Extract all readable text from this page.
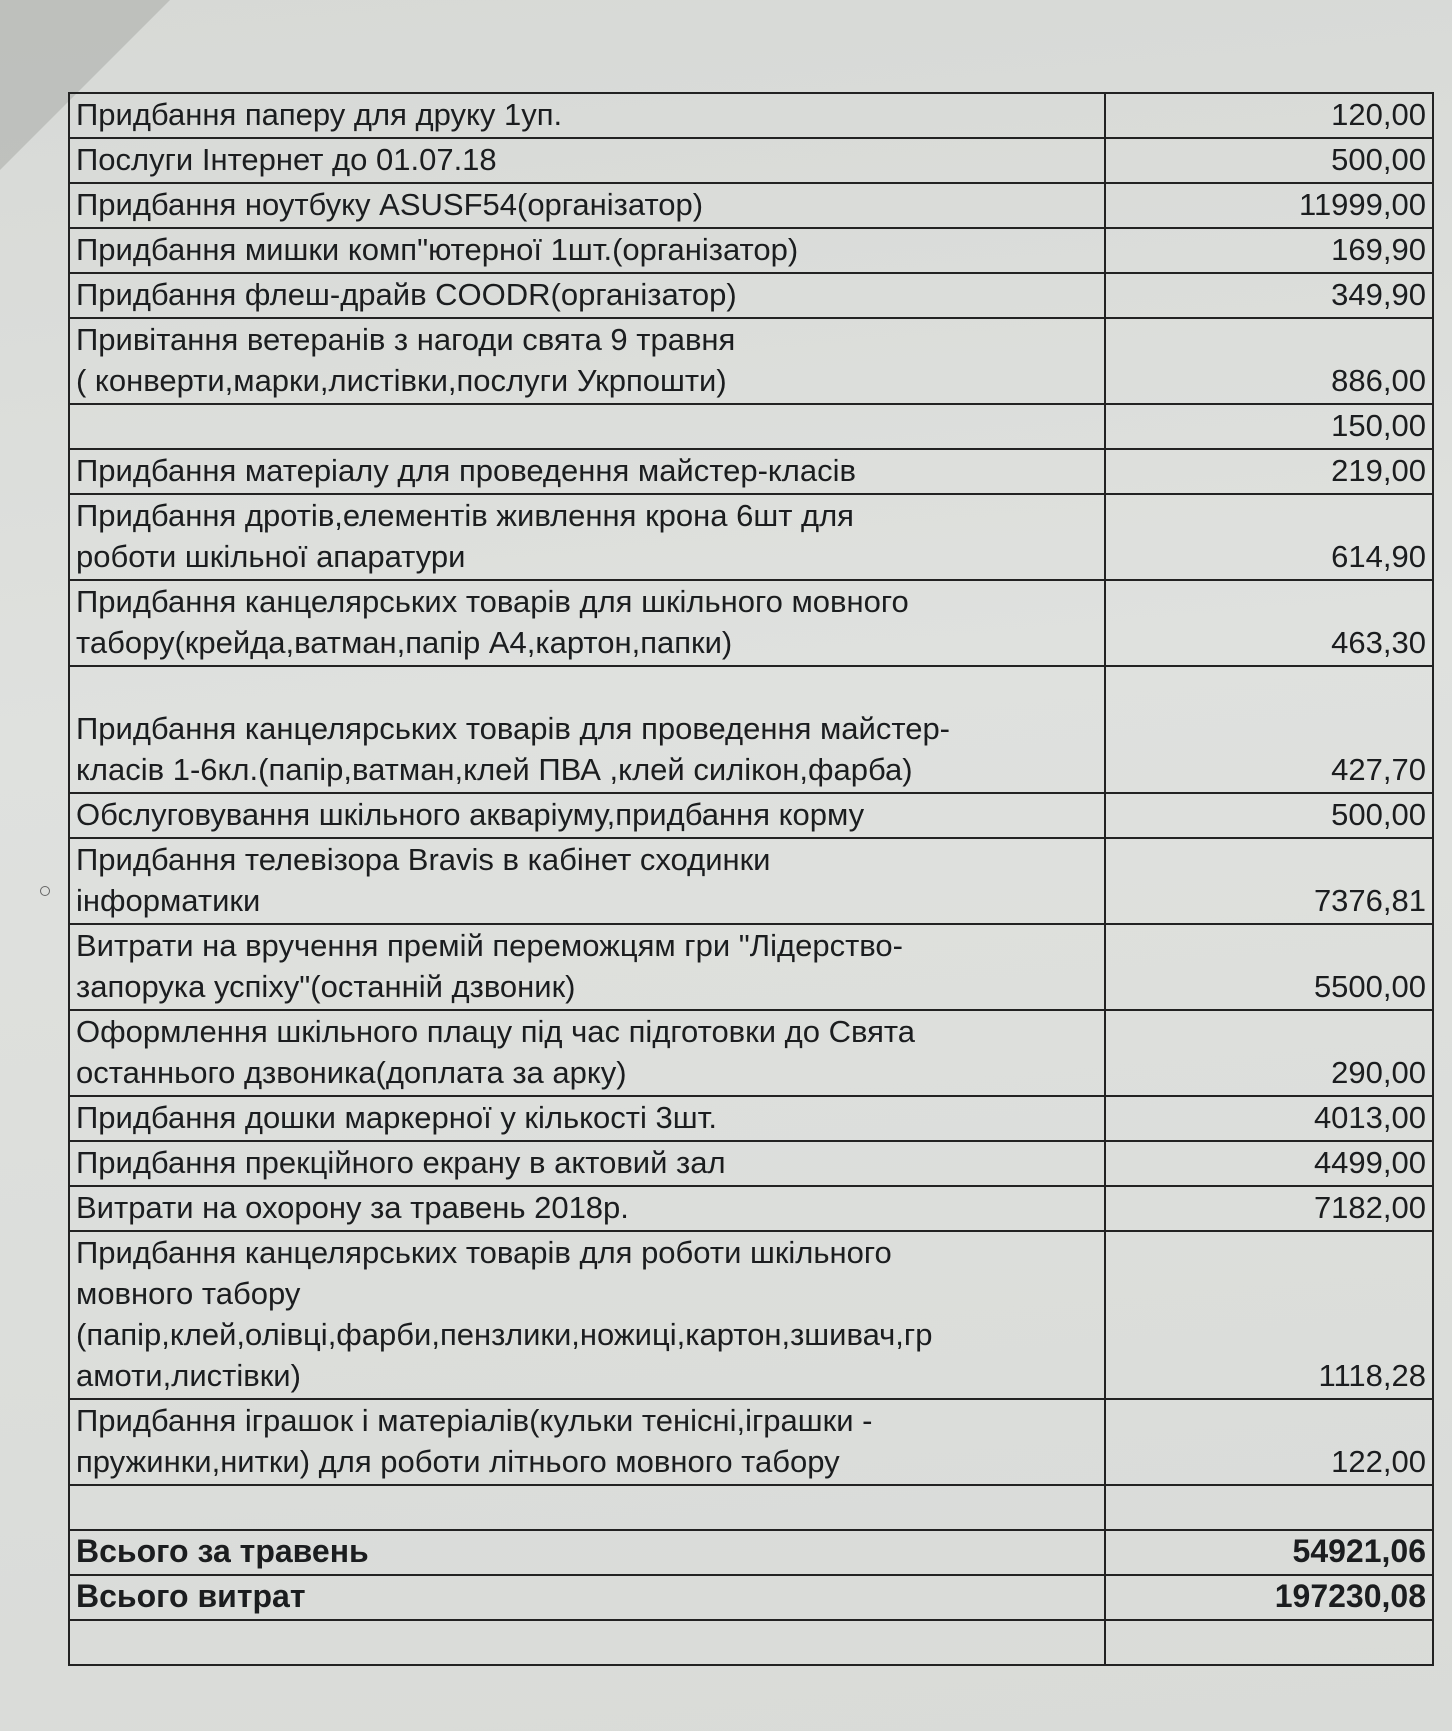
Придбання паперу для друку 1уп.	120,00
Послуги Інтернет до 01.07.18	500,00
Придбання ноутбуку ASUSF54(організатор)	11999,00
Придбання мишки комп"ютерної 1шт.(організатор)	169,90
Придбання флеш-драйв COODR(організатор)	349,90
Привітання ветеранів з нагоди свята 9 травня
( конверти,марки,листівки,послуги Укрпошти)	886,00
	150,00
Придбання матеріалу для проведення майстер-класів	219,00
Придбання дротів,елементів живлення крона 6шт для
роботи шкільної апаратури	614,90
Придбання канцелярських товарів для шкільного мовного
табору(крейда,ватман,папір А4,картон,папки)	463,30

Придбання канцелярських товарів для проведення майстер-
класів 1-6кл.(папір,ватман,клей ПВА ,клей силікон,фарба)	427,70
Обслуговування шкільного акваріуму,придбання корму	500,00
Придбання телевізора Bravis в кабінет сходинки
інформатики	7376,81
Витрати на вручення премій переможцям гри "Лідерство-
запорука успіху"(останній дзвоник)	5500,00
Оформлення шкільного плацу під час підготовки до Свята
останнього дзвоника(доплата за арку)	290,00
Придбання дошки маркерної у кількості 3шт.	4013,00
Придбання прекційного екрану в актовий зал	4499,00
Витрати на охорону за травень 2018р.	7182,00
Придбання канцелярських товарів для роботи шкільного
мовного табору
(папір,клей,олівці,фарби,пензлики,ножиці,картон,зшивач,гр
амоти,листівки)	1118,28
Придбання іграшок і матеріалів(кульки тенісні,іграшки -
пружинки,нитки) для роботи літнього мовного табору	122,00

Всього за травень	54921,06
Всього витрат	197230,08
